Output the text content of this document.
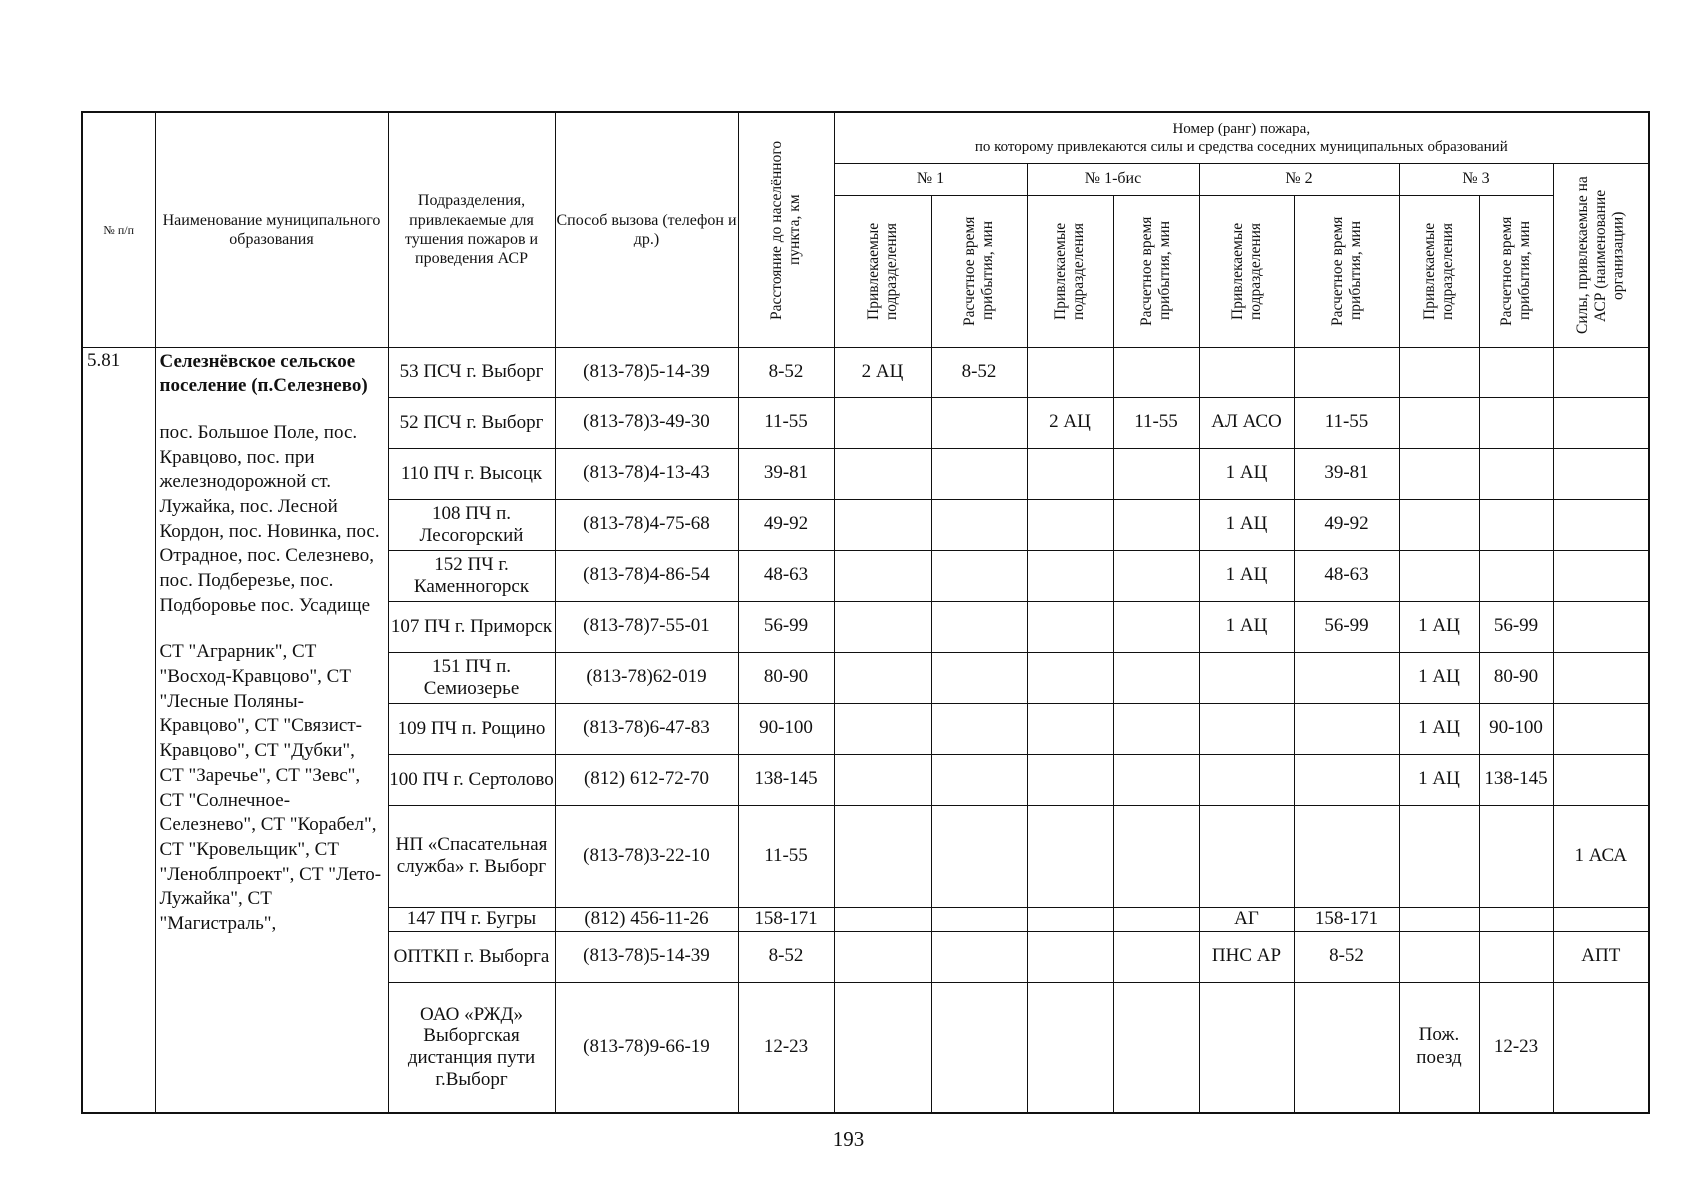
№ п/п	Наименование муниципального образования	Подразделения, привлекаемые для тушения пожаров и проведения АСР	Способ вызова (телефон и др.)	Расстояние до населённого пункта, км	Номер (ранг) пожара,
по которому привлекаются силы и средства соседних муниципальных образований								

					№ 1		№ 1-бис		№ 2		№ 3		Силы, привлекаемые на АСР (наименование организации)

					Привлекаемые подразделения	Расчетное время прибытия, мин	Привлекаемые подразделения	Расчетное время прибытия, мин	Привлекаемые подразделения	Расчетное время прибытия, мин	Привлекаемые подразделения	Расчетное время прибытия, мин	

5.81	Селезнёвское сельское поселение (п.Селезнево)
пос. Большое Поле, пос. Кравцово, пос. при железнодорожной ст. Лужайка, пос. Лесной Кордон, пос. Новинка, пос. Отрадное, пос. Селезнево, пос. Подберезье, пос. Подборовье пос. Усадище
СТ "Аграрник", СТ "Восход-Кравцово", СТ "Лесные Поляны-Кравцово", СТ "Связист-Кравцово", СТ "Дубки", СТ "Заречье", СТ "Зевс", СТ "Солнечное-Селезнево", СТ "Корабел", СТ "Кровельщик", СТ "Леноблпроект", СТ "Лето-Лужайка", СТ "Магистраль",	53 ПСЧ г. Выборг	(813-78)5-14-39	8-52	2 АЦ	8-52							
		52 ПСЧ г. Выборг	(813-78)3-49-30	11-55			2 АЦ	11-55	АЛ АСО	11-55			
		110 ПЧ г. Высоцк	(813-78)4-13-43	39-81					1 АЦ	39-81			
		108 ПЧ п. Лесогорский	(813-78)4-75-68	49-92					1 АЦ	49-92			
		152 ПЧ г. Каменногорск	(813-78)4-86-54	48-63					1 АЦ	48-63			
		107 ПЧ г. Приморск	(813-78)7-55-01	56-99					1 АЦ	56-99	1 АЦ	56-99	
		151 ПЧ п. Семиозерье	(813-78)62-019	80-90							1 АЦ	80-90	
		109 ПЧ п. Рощино	(813-78)6-47-83	90-100							1 АЦ	90-100	
		100 ПЧ г. Сертолово	(812) 612-72-70	138-145							1 АЦ	138-145	
		НП «Спасательная служба» г. Выборг	(813-78)3-22-10	11-55									1 АСА
		147 ПЧ г. Бугры	(812) 456-11-26	158-171					АГ	158-171			
		ОПТКП г. Выборга	(813-78)5-14-39	8-52					ПНС АР	8-52			АПТ
		ОАО «РЖД» Выборгская дистанция пути г.Выборг	(813-78)9-66-19	12-23							Пож. поезд	12-23	
193
